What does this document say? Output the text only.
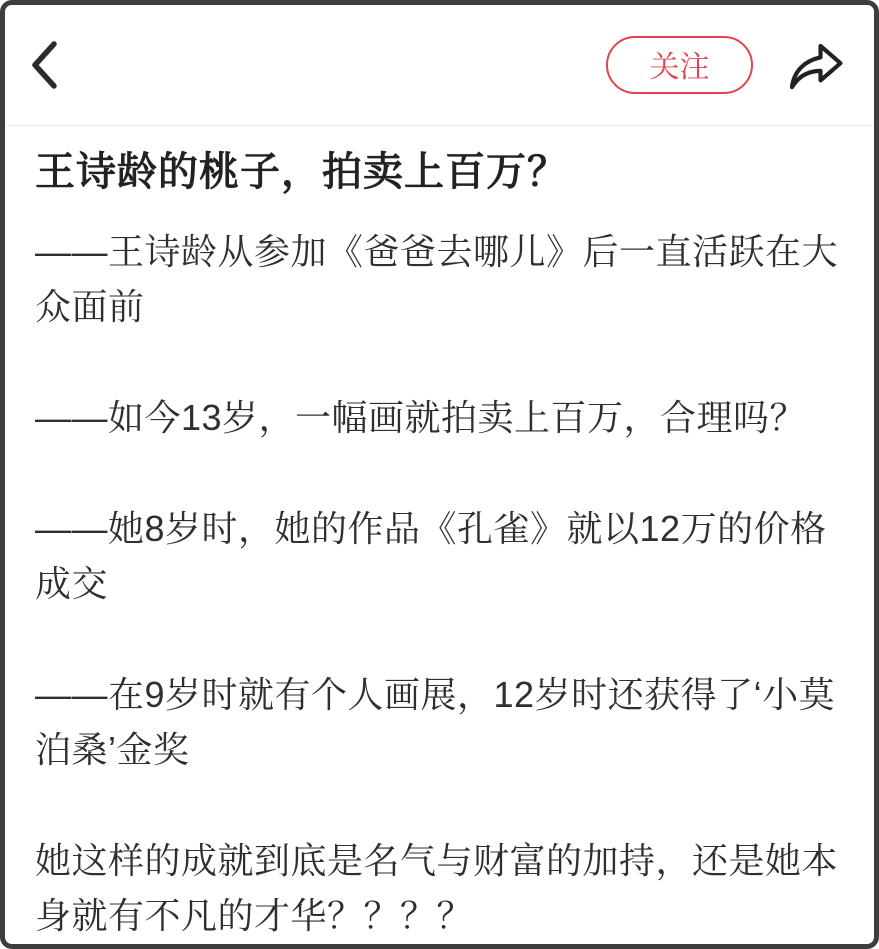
关注
王诗龄的桃子，拍卖上百万？

——王诗龄从参加《爸爸去哪儿》后一直活跃在大众面前

——如今13岁，一幅画就拍卖上百万，合理吗？

——她8岁时，她的作品《孔雀》就以12万的价格成交

——在9岁时就有个人画展，12岁时还获得了‘小莫泊桑’金奖

她这样的成就到底是名气与财富的加持，还是她本身就有不凡的才华？？？？
